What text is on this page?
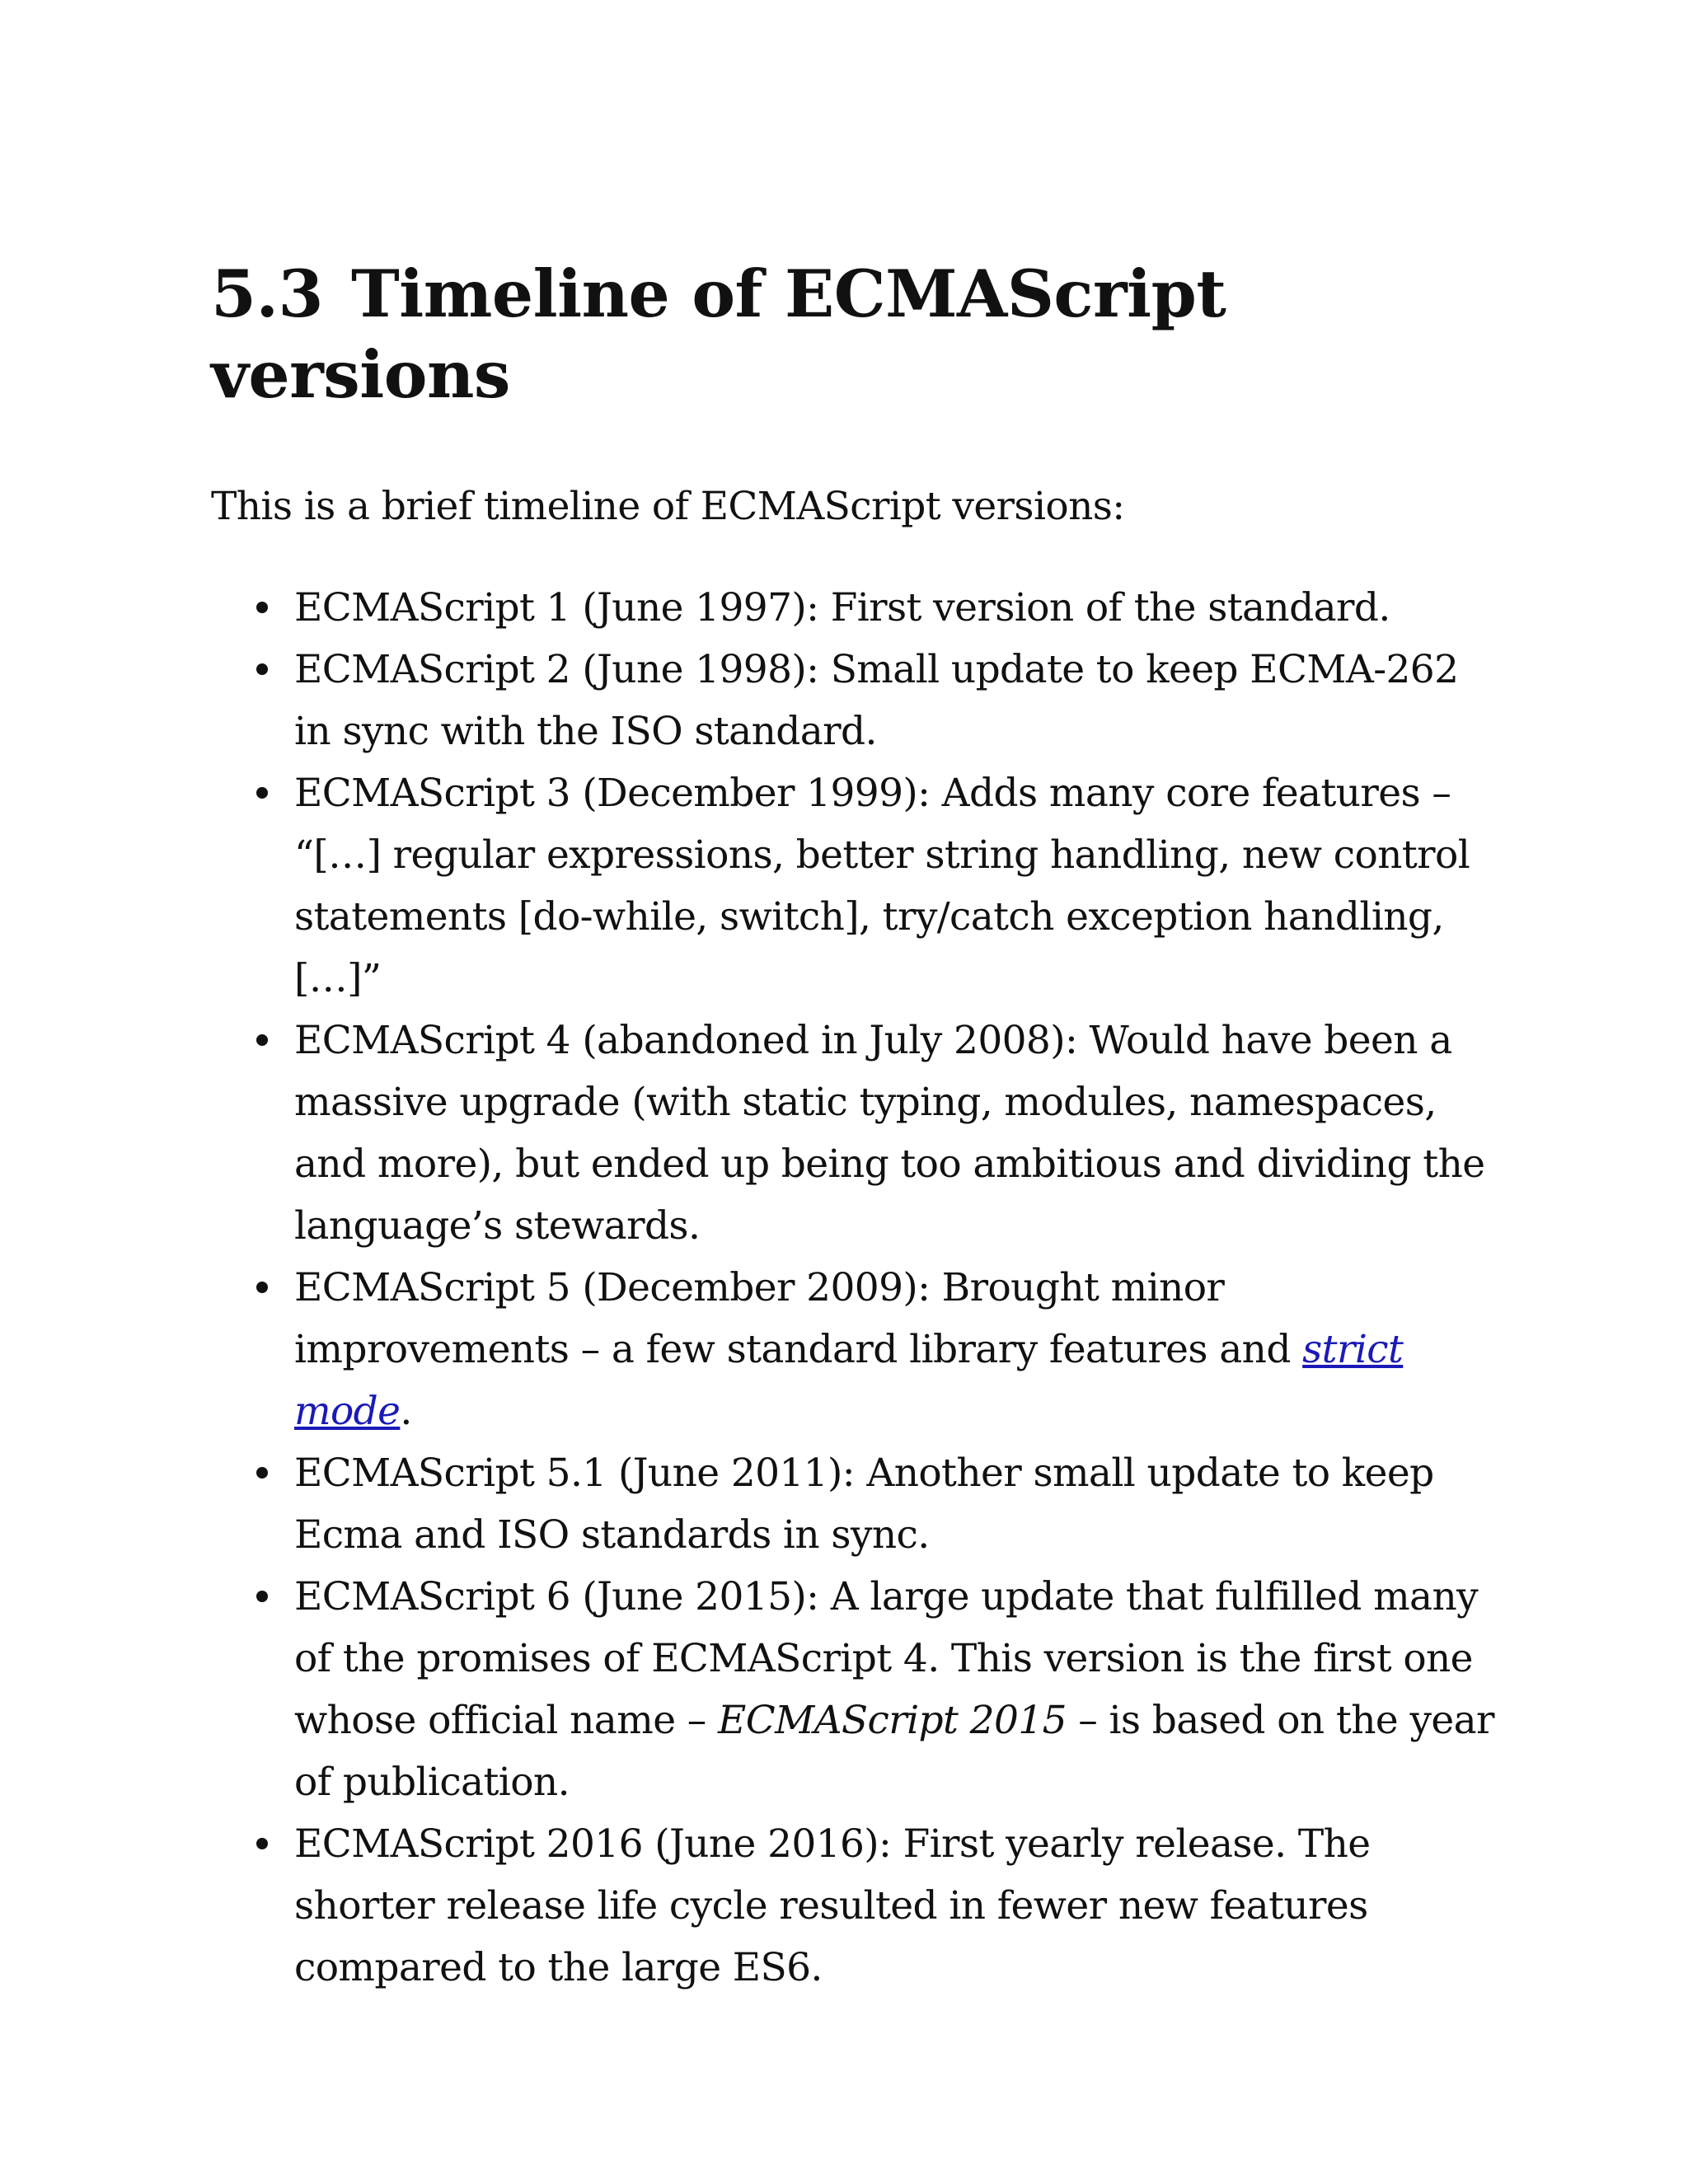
5.3 Timeline of ECMAScript
versions

This is a brief timeline of ECMAScript versions:

ECMAScript 1 (June 1997): First version of the standard.
ECMAScript 2 (June 1998): Small update to keep ECMA-262 in sync with the ISO standard.
ECMAScript 3 (December 1999): Adds many core features – “[…] regular expressions, better string handling, new control statements [do-while, switch], try/catch exception handling, […]”
ECMAScript 4 (abandoned in July 2008): Would have been a massive upgrade (with static typing, modules, namespaces, and more), but ended up being too ambitious and dividing the language’s stewards.
ECMAScript 5 (December 2009): Brought minor improvements – a few standard library features and strict mode.
ECMAScript 5.1 (June 2011): Another small update to keep Ecma and ISO standards in sync.
ECMAScript 6 (June 2015): A large update that fulfilled many of the promises of ECMAScript 4. This version is the first one whose official name – ECMAScript 2015 – is based on the year of publication.
ECMAScript 2016 (June 2016): First yearly release. The shorter release life cycle resulted in fewer new features compared to the large ES6.
